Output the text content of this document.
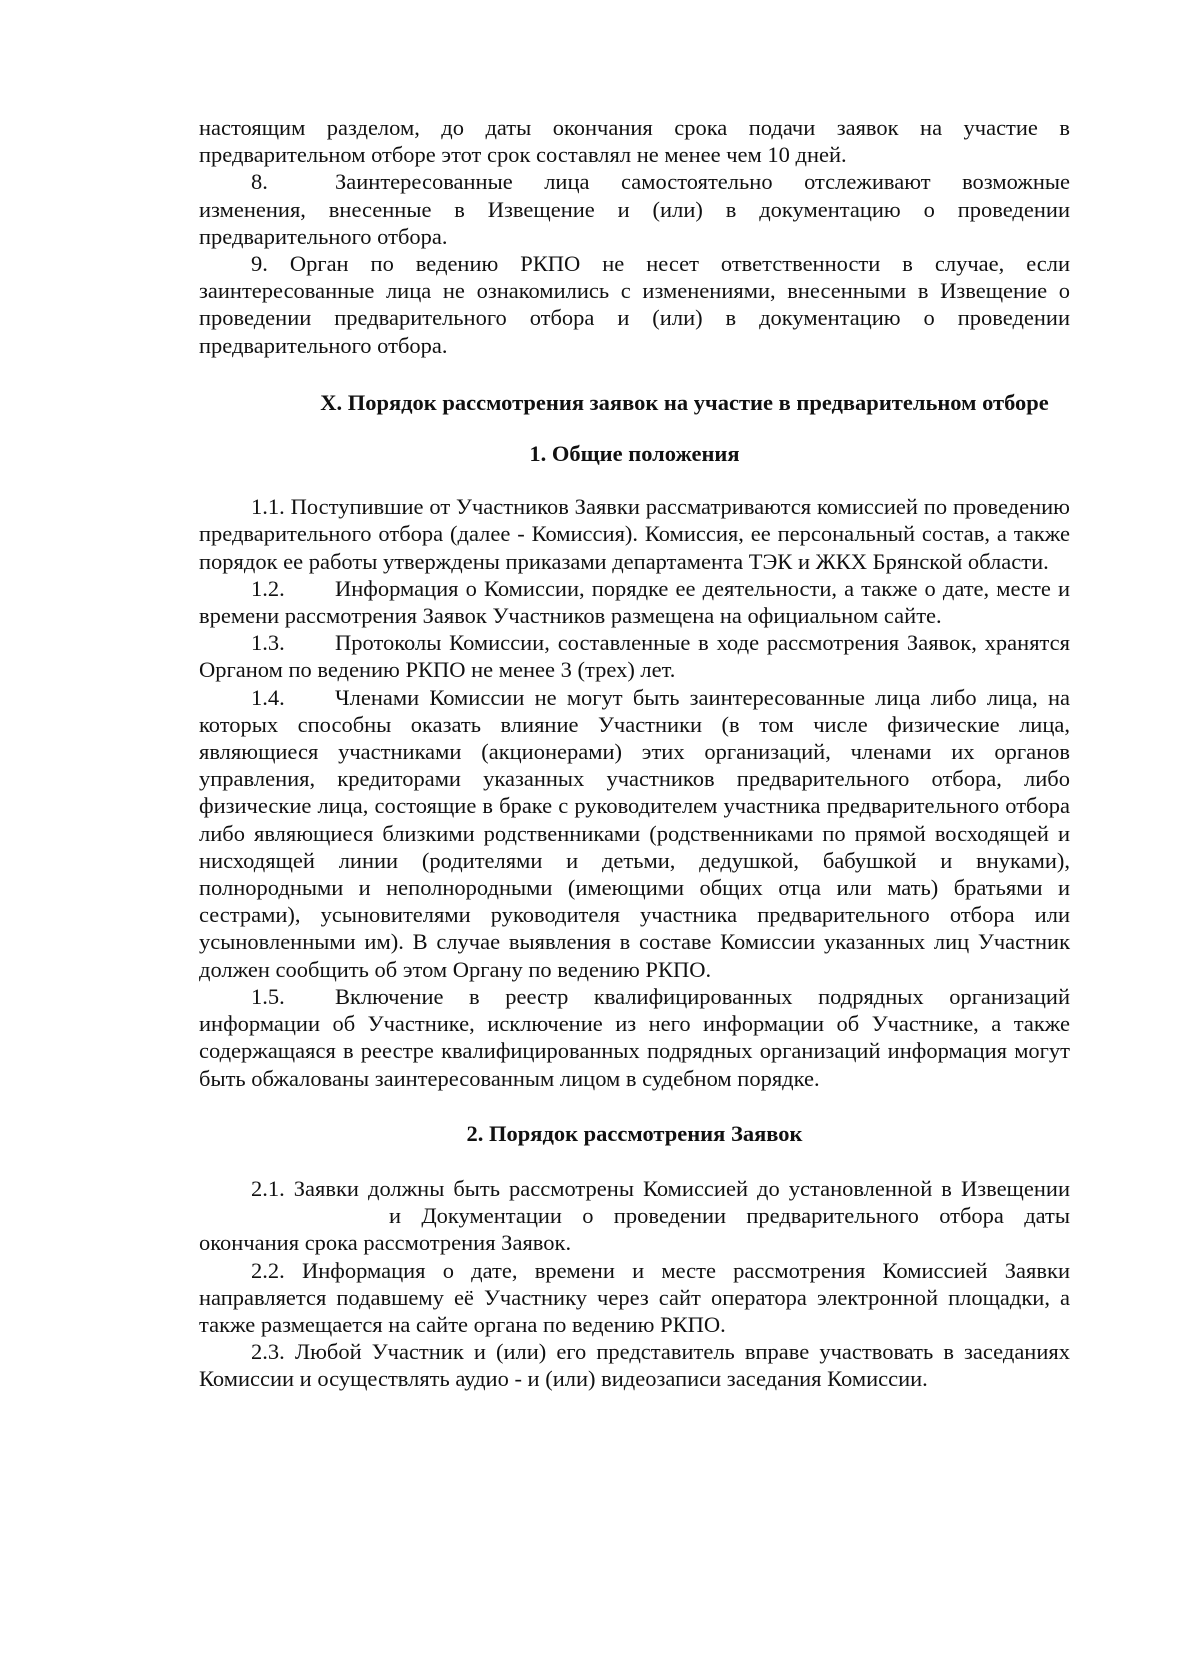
настоящим разделом, до даты окончания срока подачи заявок на участие в предварительном отборе этот срок составлял не менее чем 10 дней.

8.	Заинтересованные лица самостоятельно отслеживают возможные изменения, внесенные в Извещение и (или) в документацию о проведении предварительного отбора.

9. Орган по ведению РКПО не несет ответственности в случае, если заинтересованные лица не ознакомились с изменениями, внесенными в Извещение о проведении предварительного отбора и (или) в документацию о проведении предварительного отбора.

X. Порядок рассмотрения заявок на участие в предварительном отборе
1. Общие положения

1.1. Поступившие от Участников Заявки рассматриваются комиссией по проведению предварительного отбора (далее - Комиссия). Комиссия, ее персональный состав, а также порядок ее работы утверждены приказами департамента ТЭК и ЖКХ Брянской области.

1.2. Информация о Комиссии, порядке ее деятельности, а также о дате, месте и времени рассмотрения Заявок Участников размещена на официальном сайте.

1.3. Протоколы Комиссии, составленные в ходе рассмотрения Заявок, хранятся Органом по ведению РКПО не менее 3 (трех) лет.

1.4. Членами Комиссии не могут быть заинтересованные лица либо лица, на которых способны оказать влияние Участники (в том числе физические лица, являющиеся участниками (акционерами) этих организаций, членами их органов управления, кредиторами указанных участников предварительного отбора, либо физические лица, состоящие в браке с руководителем участника предварительного отбора либо являющиеся близкими родственниками (родственниками по прямой восходящей и нисходящей линии (родителями и детьми, дедушкой, бабушкой и внуками), полнородными и неполнородными (имеющими общих отца или мать) братьями и сестрами), усыновителями руководителя участника предварительного отбора или усыновленными им). В случае выявления в составе Комиссии указанных лиц Участник должен сообщить об этом Органу по ведению РКПО.

1.5. Включение в реестр квалифицированных подрядных организаций информации об Участнике, исключение из него информации об Участнике, а также содержащаяся в реестре квалифицированных подрядных организаций информация могут быть обжалованы заинтересованным лицом в судебном порядке.

2. Порядок рассмотрения Заявок

2.1. Заявки должны быть рассмотрены Комиссией до установленной в Извещениии Документации о проведении предварительного отбора даты окончания срока рассмотрения Заявок.

2.2. Информация о дате, времени и месте рассмотрения Комиссией Заявки направляется подавшему её Участнику через сайт оператора электронной площадки, а также размещается на сайте органа по ведению РКПО.

2.3. Любой Участник и (или) его представитель вправе участвовать в заседаниях Комиссии и осуществлять аудио - и (или) видеозаписи заседания Комиссии.
